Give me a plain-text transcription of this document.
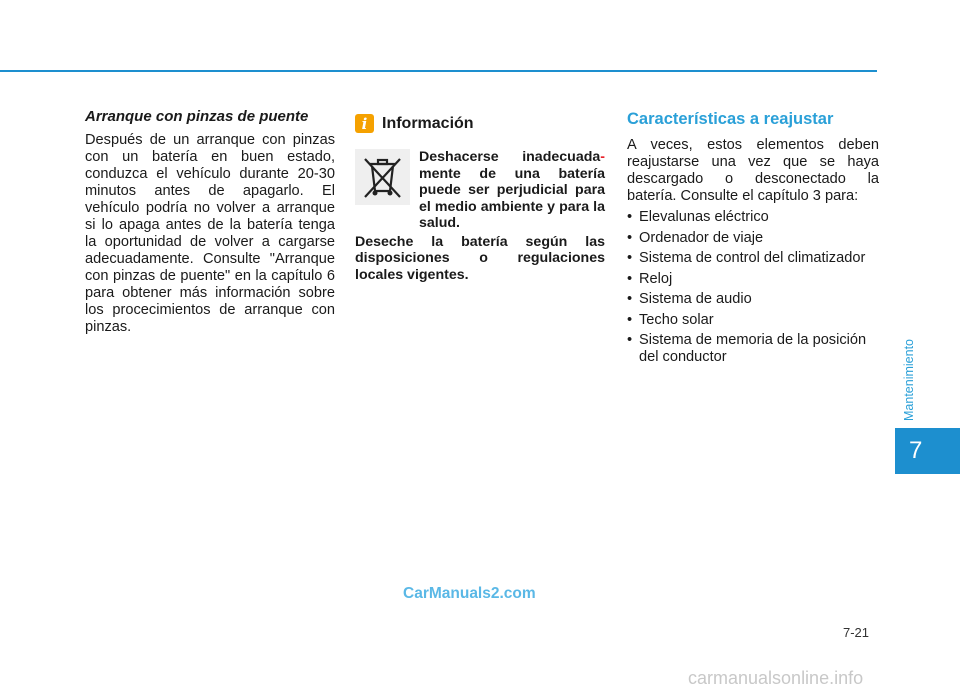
Arranque con pinzas de puente

Después de un arranque con pinzas con un batería en buen estado, conduzca el vehículo durante 20-30 minutos antes de apagarlo. El vehículo podría no volver a arranque si lo apaga antes de la batería tenga la oportunidad de volver a cargarse adecuadamente. Consulte "Arranque con pinzas de puente" en la capítulo 6 para obtener más información sobre los procecimientos de arranque con pinzas.

i Información

Deshacerse inadecuada- mente de una batería puede ser perjudicial para el medio ambiente y para la salud.

Deseche la batería según las disposiciones o regulaciones locales vigentes.

Características a reajustar

A veces, estos elementos deben reajustarse una vez que se haya descargado o desconectado la batería. Consulte el capítulo 3 para:

• Elevalunas eléctrico
• Ordenador de viaje
• Sistema de control del climatizador
• Reloj
• Sistema de audio
• Techo solar
• Sistema de memoria de la posición del conductor	Mantenimiento
7
CarManuals2.com
7-21
carmanualsonline.info
